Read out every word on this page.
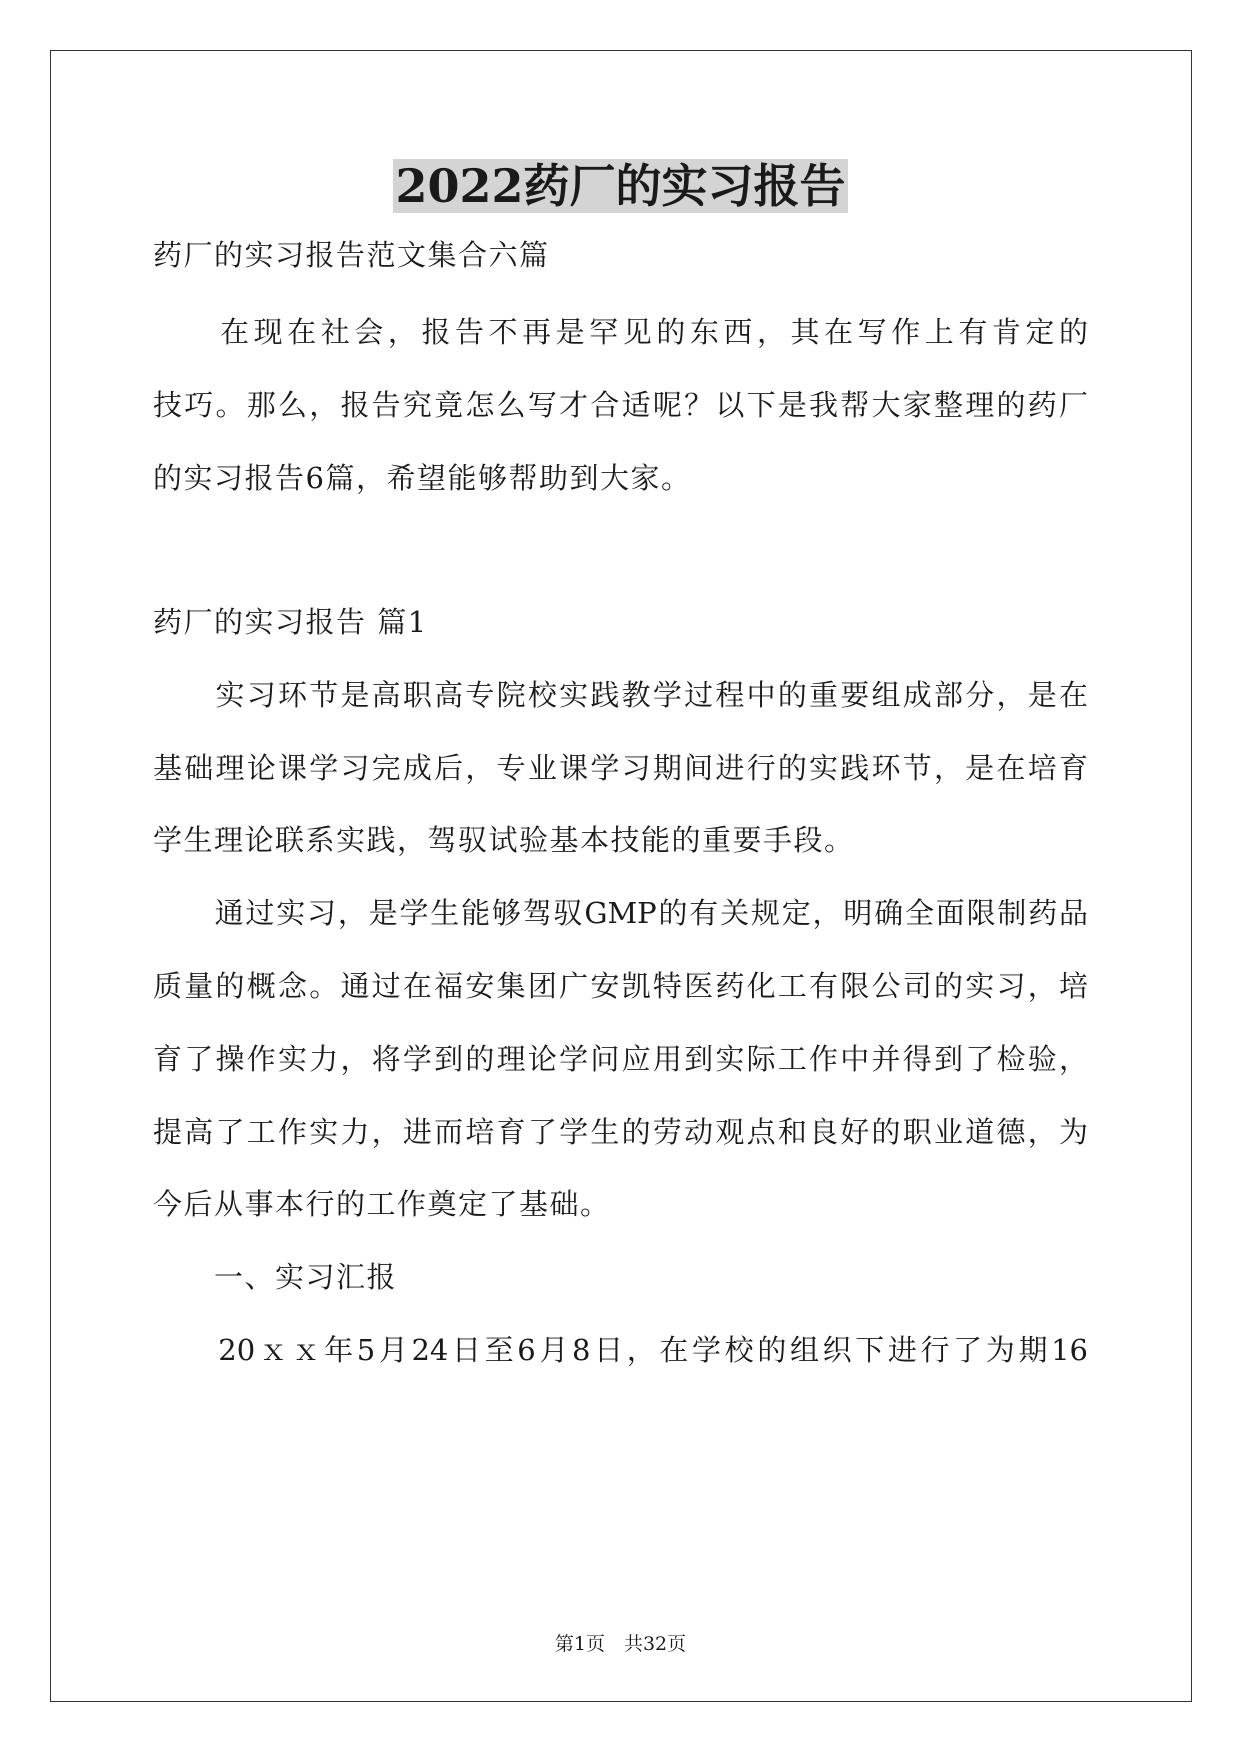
2022药厂的实习报告
药厂的实习报告范文集合六篇
　　在现在社会，报告不再是罕见的东西，其在写作上有肯定的
技巧。那么，报告究竟怎么写才合适呢？以下是我帮大家整理的药厂
的实习报告6篇，希望能够帮助到大家。
药厂的实习报告 篇1
　　实习环节是高职高专院校实践教学过程中的重要组成部分，是在
基础理论课学习完成后，专业课学习期间进行的实践环节，是在培育
学生理论联系实践，驾驭试验基本技能的重要手段。
　　通过实习，是学生能够驾驭GMP的有关规定，明确全面限制药品
质量的概念。通过在福安集团广安凯特医药化工有限公司的实习，培
育了操作实力，将学到的理论学问应用到实际工作中并得到了检验，
提高了工作实力，进而培育了学生的劳动观点和良好的职业道德，为
今后从事本行的工作奠定了基础。
　　一、实习汇报
　　20ｘｘ年5月24日至6月8日，在学校的组织下进行了为期16
第1页　共32页
